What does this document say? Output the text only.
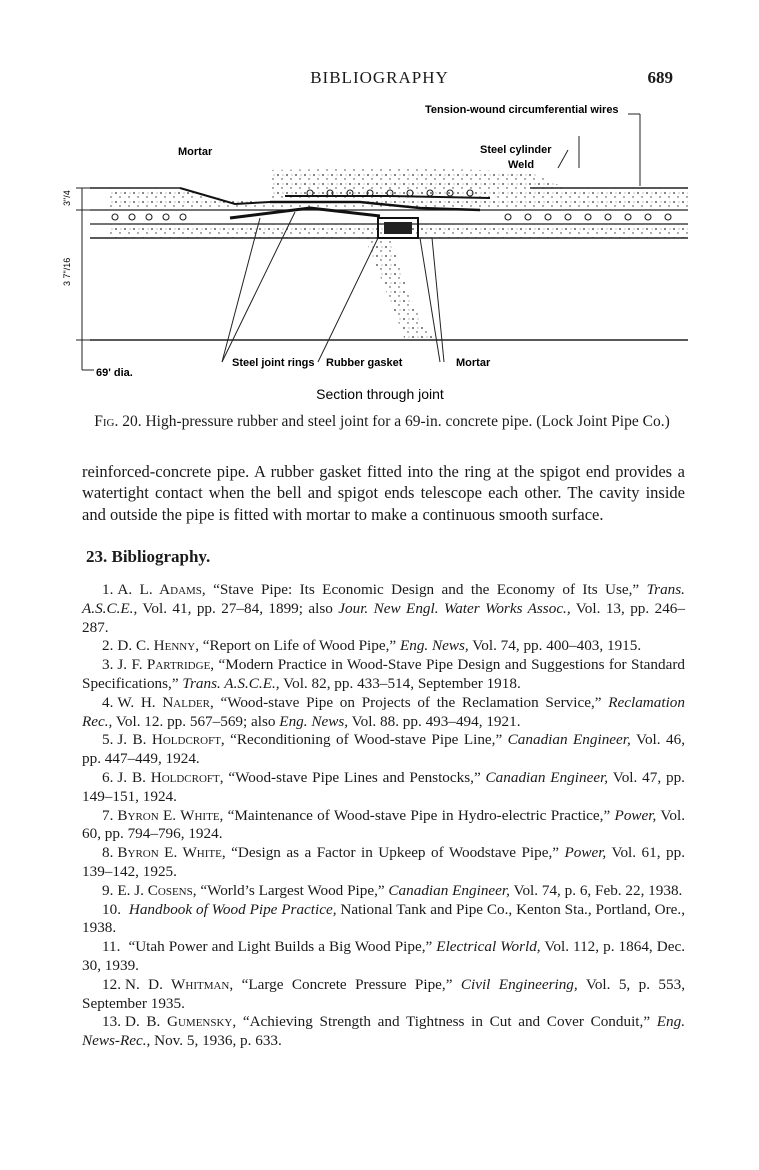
BIBLIOGRAPHY	689
Tension-wound circumferential wires
Mortar	Steel cylinder
Weld
Steel joint rings Rubber gasket	Mortar
3"/4
3 7"/16
69' dia.
Section through joint
Fig. 20. High-pressure rubber and steel joint for a 69-in. concrete pipe. (Lock Joint Pipe Co.)

reinforced-concrete pipe. A rubber gasket fitted into the ring at the spigot end provides a watertight contact when the bell and spigot ends telescope each other. The cavity inside and outside the pipe is fitted with mortar to make a continuous smooth surface.

23. Bibliography.

1. A. L. Adams, “Stave Pipe: Its Economic Design and the Economy of Its Use,” Trans. A.S.C.E., Vol. 41, pp. 27–84, 1899; also Jour. New Engl. Water Works Assoc., Vol. 13, pp. 246–287.

2. D. C. Henny, “Report on Life of Wood Pipe,” Eng. News, Vol. 74, pp. 400–403, 1915.

3. J. F. Partridge, “Modern Practice in Wood-Stave Pipe Design and Suggestions for Standard Specifications,” Trans. A.S.C.E., Vol. 82, pp. 433–514, September 1918.

4. W. H. Nalder, “Wood-stave Pipe on Projects of the Reclamation Service,” Reclamation Rec., Vol. 12. pp. 567–569; also Eng. News, Vol. 88. pp. 493–494, 1921.

5. J. B. Holdcroft, “Reconditioning of Wood-stave Pipe Line,” Canadian Engineer, Vol. 46, pp. 447–449, 1924.

6. J. B. Holdcroft, “Wood-stave Pipe Lines and Penstocks,” Canadian Engineer, Vol. 47, pp. 149–151, 1924.

7. Byron E. White, “Maintenance of Wood-stave Pipe in Hydro-electric Practice,” Power, Vol. 60, pp. 794–796, 1924.

8. Byron E. White, “Design as a Factor in Upkeep of Woodstave Pipe,” Power, Vol. 61, pp. 139–142, 1925.

9. E. J. Cosens, “World’s Largest Wood Pipe,” Canadian Engineer, Vol. 74, p. 6, Feb. 22, 1938.

10. Handbook of Wood Pipe Practice, National Tank and Pipe Co., Kenton Sta., Portland, Ore., 1938.

11. “Utah Power and Light Builds a Big Wood Pipe,” Electrical World, Vol. 112, p. 1864, Dec. 30, 1939.

12. N. D. Whitman, “Large Concrete Pressure Pipe,” Civil Engineering, Vol. 5, p. 553, September 1935.

13. D. B. Gumensky, “Achieving Strength and Tightness in Cut and Cover Conduit,” Eng. News-Rec., Nov. 5, 1936, p. 633.
